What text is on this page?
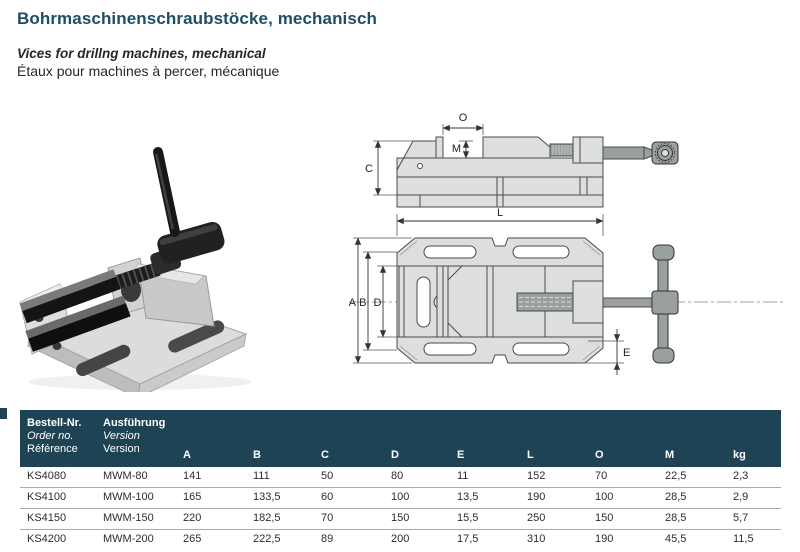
Bohrmaschinenschraubstöcke, mechanisch
Vices for drillng machines, mechanical
Étaux pour machines à percer, mécanique
O
M
C
L
A B D
E
Bestell-Nr.
Order no.
Référence
Ausführung
Version
Version	A	B	C	D	E	L	O	M	kg
KS4080	MWM-80	141	111	50	80	11	152	70	22,5	2,3
KS4100	MWM-100	165	133,5	60	100	13,5	190	100	28,5	2,9
KS4150	MWM-150	220	182,5	70	150	15,5	250	150	28,5	5,7
KS4200	MWM-200	265	222,5	89	200	17,5	310	190	45,5	11,5
